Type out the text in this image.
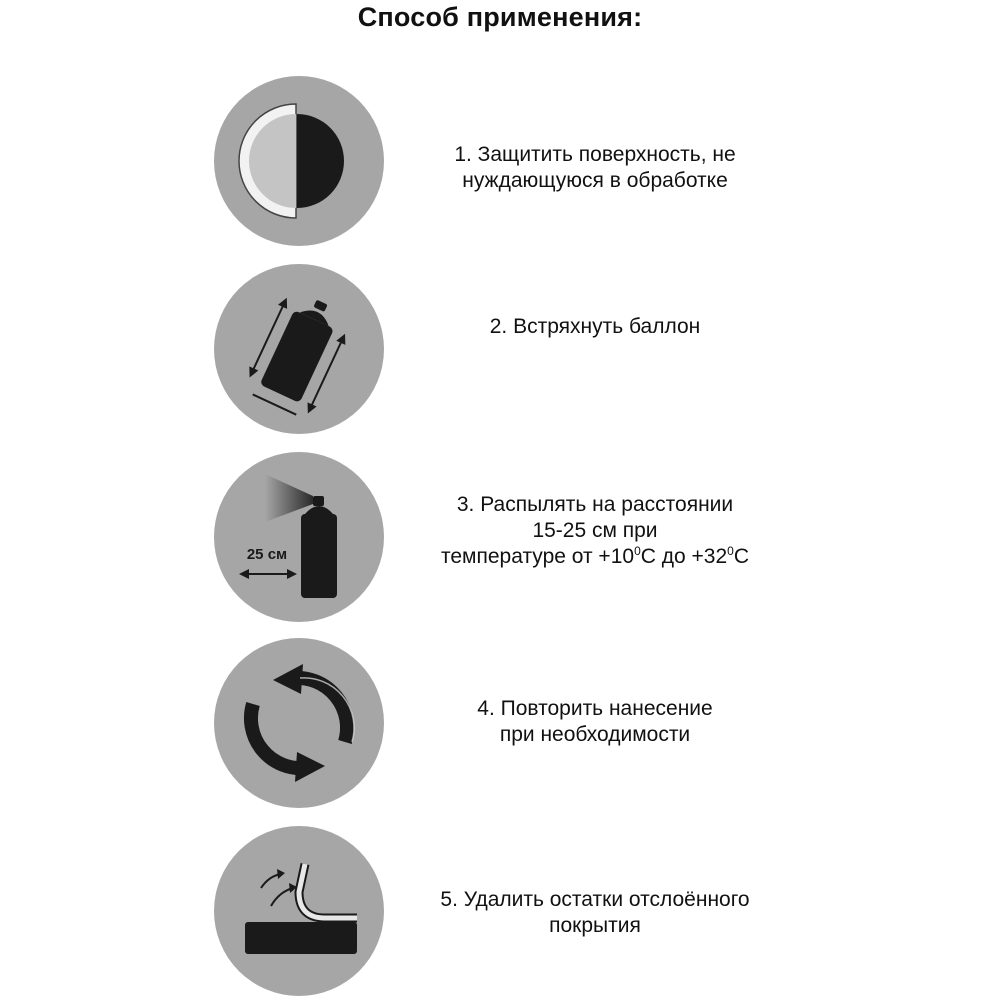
Способ применения:
1. Защитить поверхность, не
нуждающуюся в обработке
2. Встряхнуть баллон
25 см
3. Распылять на расстоянии
15-25 см при
температуре от $+10^0С$ до $+32^0С$
4. Повторить нанесение
при необходимости
5. Удалить остатки отслоённого
покрытия
